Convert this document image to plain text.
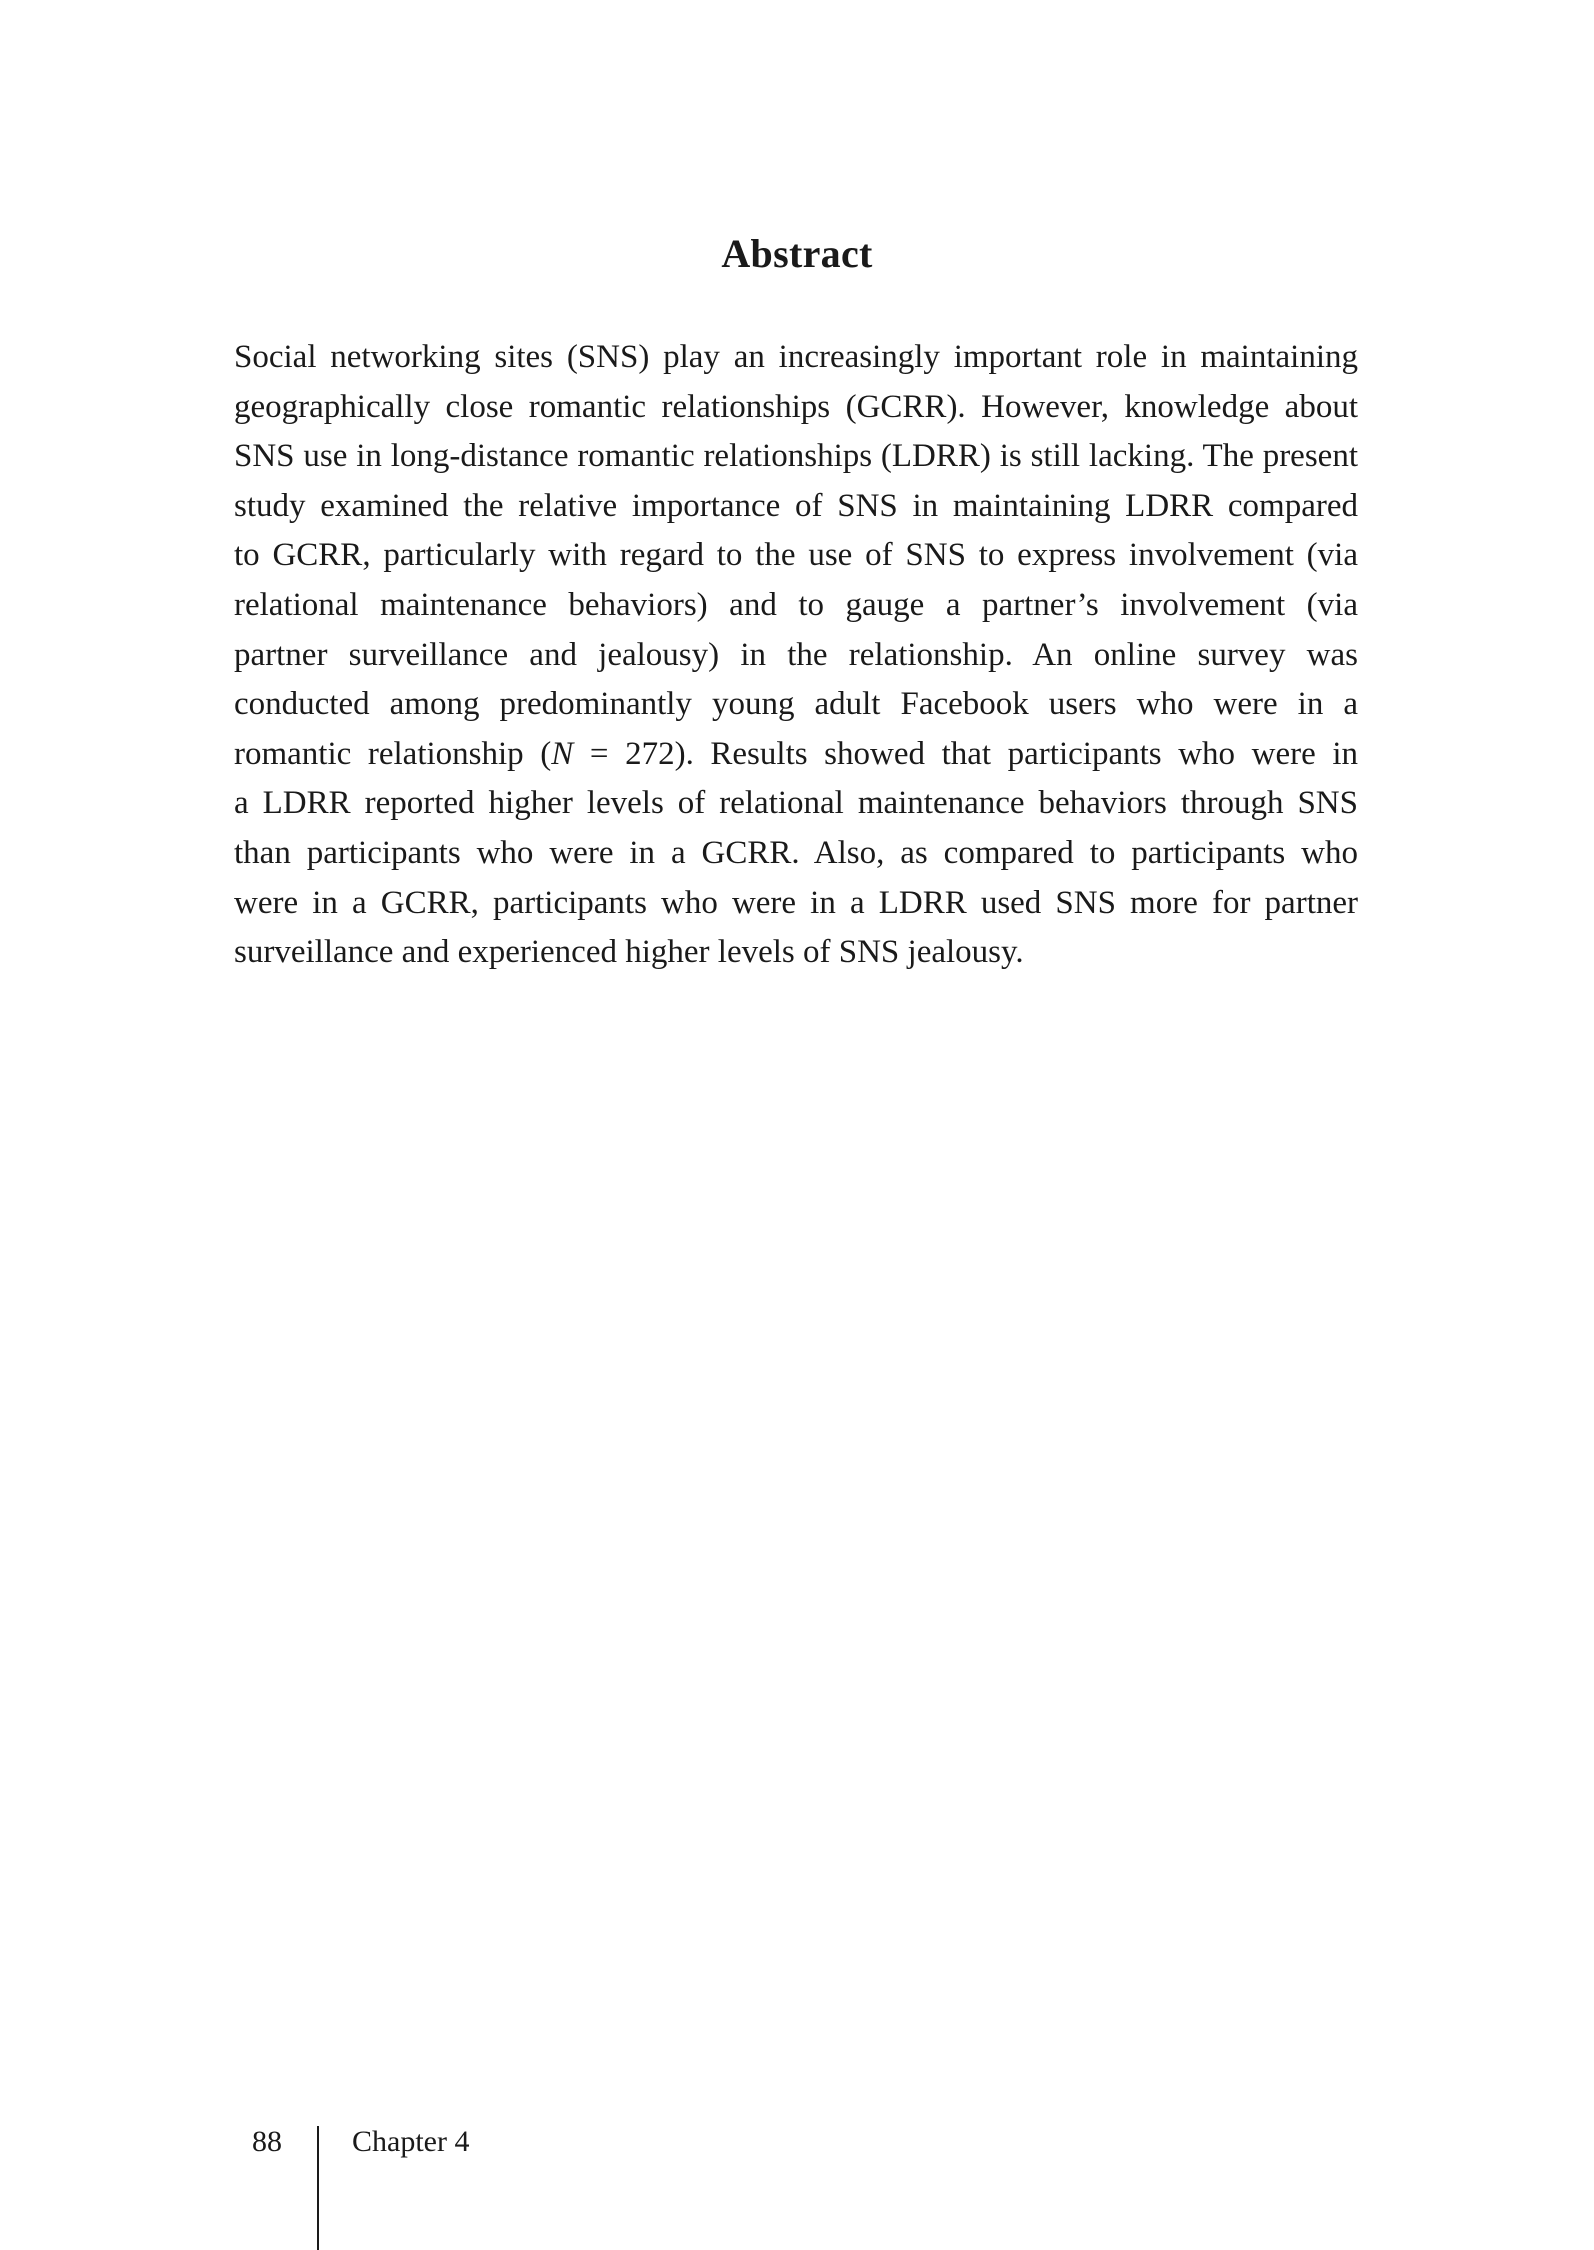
Abstract

Social networking sites (SNS) play an increasingly important role in maintaining
geographically close romantic relationships (GCRR). However, knowledge about
SNS use in long-distance romantic relationships (LDRR) is still lacking. The present
study examined the relative importance of SNS in maintaining LDRR compared
to GCRR, particularly with regard to the use of SNS to express involvement (via
relational maintenance behaviors) and to gauge a partner’s involvement (via
partner surveillance and jealousy) in the relationship. An online survey was
conducted among predominantly young adult Facebook users who were in a
romantic relationship (N = 272). Results showed that participants who were in
a LDRR reported higher levels of relational maintenance behaviors through SNS
than participants who were in a GCRR. Also, as compared to participants who
were in a GCRR, participants who were in a LDRR used SNS more for partner
surveillance and experienced higher levels of SNS jealousy.

88 Chapter 4
